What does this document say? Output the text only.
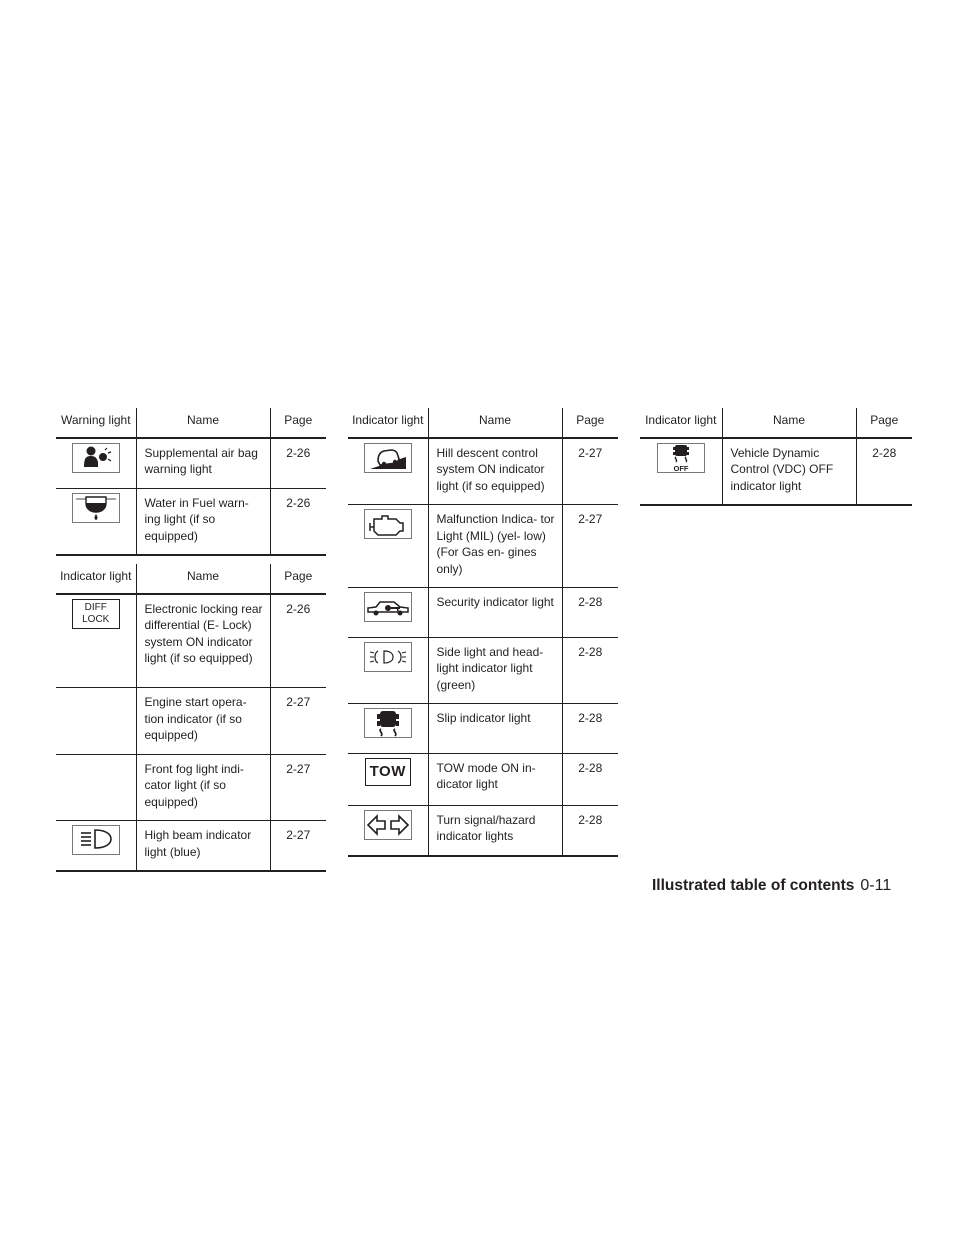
Warning light	Name	Page
	Supplemental air bag warning light	2-26
	Water in Fuel warn- ing light (if so equipped)	2-26
Indicator light	Name	Page
DIFF
LOCK	Electronic locking rear differential (E- Lock) system ON indicator light (if so equipped)	2-26
	Engine start opera- tion indicator (if so equipped)	2-27
	Front fog light indi- cator light (if so equipped)	2-27
	High beam indicator light (blue)	2-27
Indicator light	Name	Page
	Hill descent control system ON indicator light (if so equipped)	2-27
	Malfunction Indica- tor Light (MIL) (yel- low) (For Gas en- gines only)	2-27
	Security indicator light	2-28
	Side light and head- light indicator light (green)	2-28
	Slip indicator light	2-28
TOW	TOW mode ON in- dicator light	2-28
	Turn signal/hazard indicator lights	2-28
Indicator light	Name	Page

OFF	Vehicle Dynamic Control (VDC) OFF indicator light	2-28
Illustrated table of contents 0-11
